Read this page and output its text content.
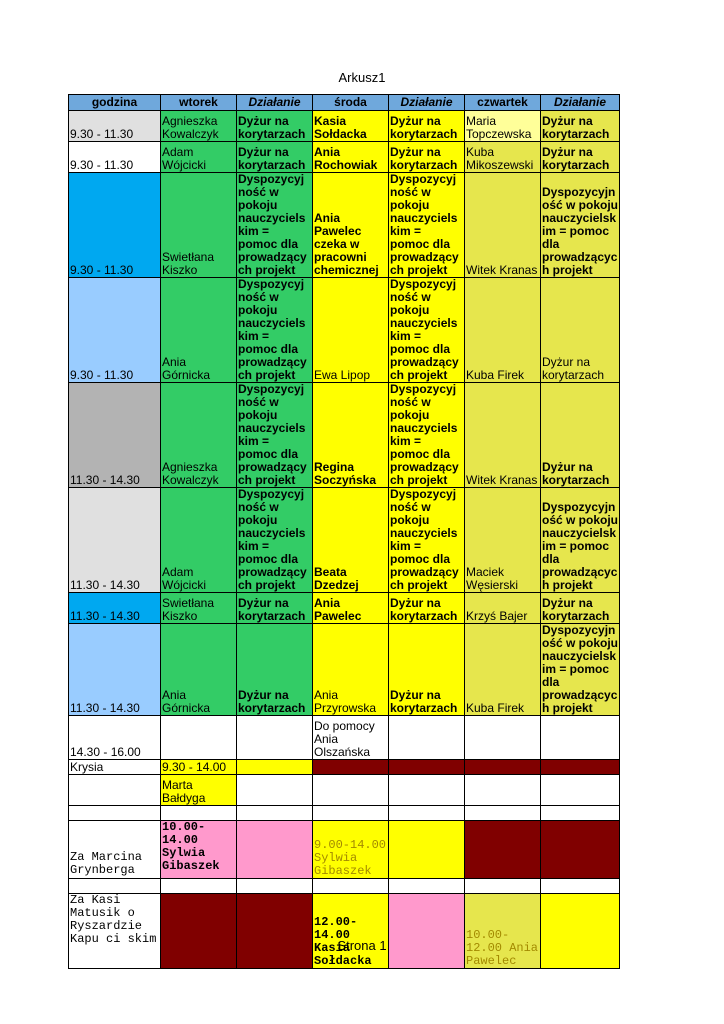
Arkusz1
godzina	wtorek	Działanie	środa	Działanie	czwartek	Działanie
9.30 - 11.30	Agnieszka Kowalczyk	Dyżur na korytarzach	Kasia Sołdacka	Dyżur na korytarzach	Maria Topczewska	Dyżur na korytarzach
9.30 - 11.30	Adam Wójcicki	Dyżur na korytarzach	Ania Rochowiak	Dyżur na korytarzach	Kuba Mikoszewski	Dyżur na korytarzach
9.30 - 11.30	Swietłana Kiszko	Dyspozycyjność w pokoju nauczycielskim = pomoc dla prowadzących projekt	Ania Pawelec czeka w pracowni chemicznej	Dyspozycyjność w pokoju nauczycielskim = pomoc dla prowadzących projekt	Witek Kranas	Dyspozycyjność w pokoju nauczycielskim = pomoc dla prowadzących projekt
9.30 - 11.30	Ania Górnicka	Dyspozycyjność w pokoju nauczycielskim = pomoc dla prowadzących projekt	Ewa Lipop	Dyspozycyjność w pokoju nauczycielskim = pomoc dla prowadzących projekt	Kuba Firek	Dyżur na korytarzach
11.30 - 14.30	Agnieszka Kowalczyk	Dyspozycyjność w pokoju nauczycielskim = pomoc dla prowadzących projekt	Regina Soczyńska	Dyspozycyjność w pokoju nauczycielskim = pomoc dla prowadzących projekt	Witek Kranas	Dyżur na korytarzach
11.30 - 14.30	Adam Wójcicki	Dyspozycyjność w pokoju nauczycielskim = pomoc dla prowadzących projekt	Beata Dzedzej	Dyspozycyjność w pokoju nauczycielskim = pomoc dla prowadzących projekt	Maciek Węsierski	Dyspozycyjność w pokoju nauczycielskim = pomoc dla prowadzących projekt
11.30 - 14.30	Swietłana Kiszko	Dyżur na korytarzach	Ania Pawelec	Dyżur na korytarzach	Krzyś Bajer	Dyżur na korytarzach
11.30 - 14.30	Ania Górnicka	Dyżur na korytarzach	Ania Przyrowska	Dyżur na korytarzach	Kuba Firek	Dyspozycyjność w pokoju nauczycielskim = pomoc dla prowadzących projekt
14.30 - 16.00			Do pomocy Ania Olszańska			
Krysia	9.30 - 14.00					
	Marta Bałdyga					

Za Marcina Grynberga	10.00-14.00 Sylwia Gibaszek		9.00-14.00 Sylwia Gibaszek			

Za Kasi Matusik o Ryszardzie Kapu ci skim			12.00-14.00 Kasia Sołdacka		10.00-12.00 Ania Pawelec	
Strona 1
